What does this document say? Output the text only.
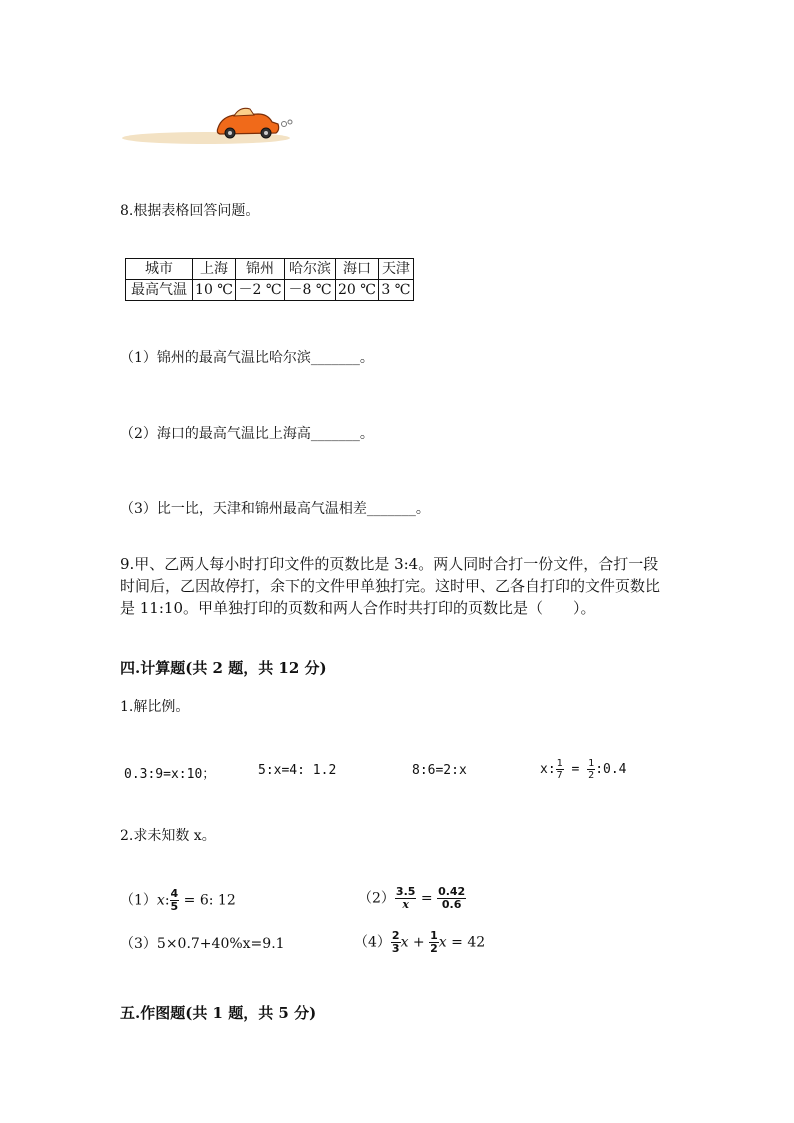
8.根据表格回答问题。
城市	上海	锦州	哈尔滨	海口	天津
最高气温	10 ℃	－2 ℃	－8 ℃	20 ℃	3 ℃
（1）锦州的最高气温比哈尔滨_______。
（2）海口的最高气温比上海高_______。
（3）比一比，天津和锦州最高气温相差_______。
9.甲、乙两人每小时打印文件的页数比是 3:4。两人同时合打一份文件，合打一段时间后，乙因故停打，余下的文件甲单独打完。这时甲、乙各自打印的文件页数比是 11:10。甲单独打印的页数和两人合作时共打印的页数比是（　　）。
四.计算题(共 2 题，共 12 分)
1.解比例。
0.3:9=x:10；	5:x=4: 1.2	8:6=2:x	x: $\frac{1}{7} = \frac{1}{2}$ :0.4
2.求未知数 x。
（1）x: $\frac{4}{5} = 6$: 12	$(2) \frac{3.5}{x} = \frac{0.42}{0.6}$
（3）5×0.7+40%x=9.1	$(4) \frac{2}{3}$ $x + \frac{1}{2}$ x = 42
五.作图题(共 1 题，共 5 分)
